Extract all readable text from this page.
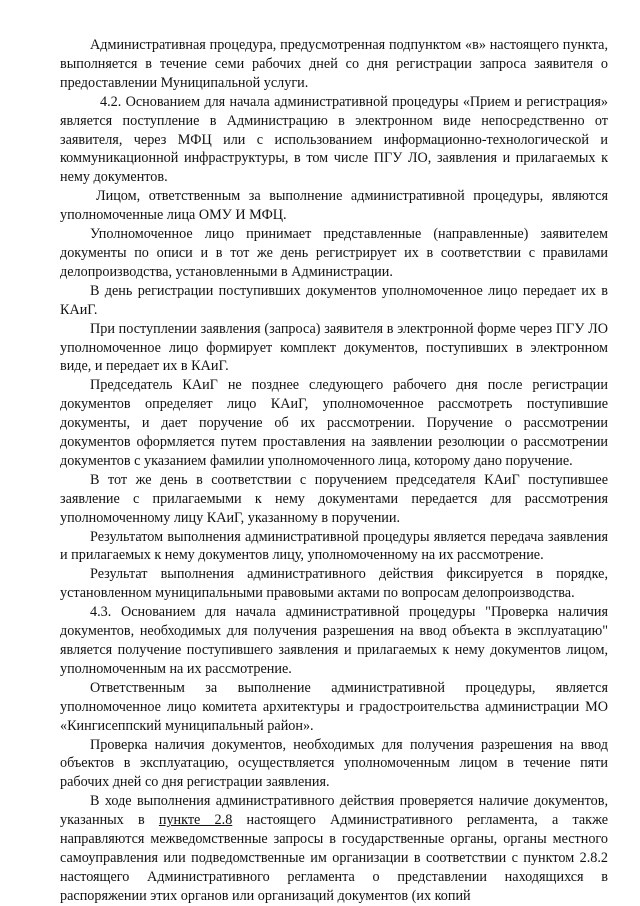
Административная процедура, предусмотренная подпунктом «в» настоящего пункта, выполняется в течение семи рабочих дней со дня регистрации запроса заявителя о предоставлении Муниципальной услуги.

4.2. Основанием для начала административной процедуры «Прием и регистрация» является поступление в Администрацию в электронном виде непосредственно от заявителя, через МФЦ или с использованием информационно-технологической и коммуникационной инфраструктуры, в том числе ПГУ ЛО, заявления и прилагаемых к нему документов.

Лицом, ответственным за выполнение административной процедуры, являются уполномоченные лица ОМУ И МФЦ.

Уполномоченное лицо принимает представленные (направленные) заявителем документы по описи и в тот же день регистрирует их в соответствии с правилами делопроизводства, установленными в Администрации.

В день регистрации поступивших документов уполномоченное лицо передает их в КАиГ.

При поступлении заявления (запроса) заявителя в электронной форме через ПГУ ЛО уполномоченное лицо формирует комплект документов, поступивших в электронном виде, и передает их в КАиГ.

Председатель КАиГ не позднее следующего рабочего дня после регистрации документов определяет лицо КАиГ, уполномоченное рассмотреть поступившие документы, и дает поручение об их рассмотрении. Поручение о рассмотрении документов оформляется путем проставления на заявлении резолюции о рассмотрении документов с указанием фамилии уполномоченного лица, которому дано поручение.

В тот же день в соответствии с поручением председателя КАиГ поступившее заявление с прилагаемыми к нему документами передается для рассмотрения уполномоченному лицу КАиГ, указанному в поручении.

Результатом выполнения административной процедуры является передача заявления и прилагаемых к нему документов лицу, уполномоченному на их рассмотрение.

Результат выполнения административного действия фиксируется в порядке, установленном муниципальными правовыми актами по вопросам делопроизводства.

4.3. Основанием для начала административной процедуры "Проверка наличия документов, необходимых для получения разрешения на ввод объекта в эксплуатацию" является получение поступившего заявления и прилагаемых к нему документов лицом, уполномоченным на их рассмотрение.

Ответственным за выполнение административной процедуры, является уполномоченное лицо комитета архитектуры и градостроительства администрации МО «Кингисеппский муниципальный район».

Проверка наличия документов, необходимых для получения разрешения на ввод объектов в эксплуатацию, осуществляется уполномоченным лицом в течение пяти рабочих дней со дня регистрации заявления.

В ходе выполнения административного действия проверяется наличие документов, указанных в пункте 2.8 настоящего Административного регламента, а также направляются межведомственные запросы в государственные органы, органы местного самоуправления или подведомственные им организации в соответствии с пунктом 2.8.2 настоящего Административного регламента о представлении находящихся в распоряжении этих органов или организаций документов (их копий
